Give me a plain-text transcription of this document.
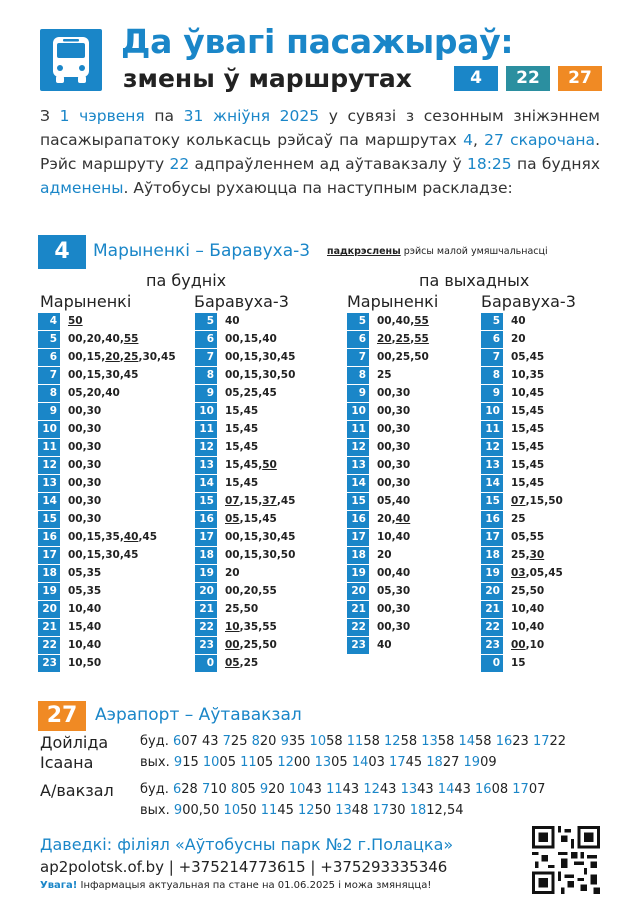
Да ўвагі пасажыраў:
змены ў маршрутах	4	22	27
З 1 чэрвеня па 31 жніўня 2025 у сувязі з сезонным зніжэннем пасажырапатоку колькасць рэйсаў па маршрутах 4, 27 скарочана. Рэйс маршруту 22 адпраўленнем ад аўтавакзалу ў 18:25 па буднях адменены. Аўтобусы рухаюцца па наступным раскладзе:
4	Марыненкі – Баравуха-3 падкрэслены рэйсы малой умяшчальнасці
па будніх	па выхадных
Марыненкі	Баравуха-3	Марыненкі	Баравуха-3
4 50
5 00,20,40,55
6 00,15,20,25,30,45
7 00,15,30,45
8 05,20,40
9 00,30
10 00,30
11 00,30
12 00,30
13 00,30
14 00,30
15 00,30
16 00,15,35,40,45
17 00,15,30,45
18 05,35
19 05,35
20 10,40
21 15,40
22 10,40
23 10,50
5 40
6 00,15,40
7 00,15,30,45
8 00,15,30,50
9 05,25,45
10 15,45
11 15,45
12 15,45
13 15,45,50
14 15,45
15 07,15,37,45
16 05,15,45
17 00,15,30,45
18 00,15,30,50
19 20
20 00,20,55
21 25,50
22 10,35,55
23 00,25,50
0 05,25
5 00,40,55
6 20,25,55
7 00,25,50
8 25
9 00,30
10 00,30
11 00,30
12 00,30
13 00,30
14 00,30
15 05,40
16 20,40
17 10,40
18 20
19 00,40
20 05,30
21 00,30
22 00,30
23 40
5 40
6 20
7 05,45
8 10,35
9 10,45
10 15,45
11 15,45
12 15,45
13 15,45
14 15,45
15 07,15,50
16 25
17 05,55
18 25,30
19 03,05,45
20 25,50
21 10,40
22 10,40
23 00,10
0 15
27	Аэрапорт – Аўтавакзал
Дойліда
Ісаана
буд. 607 43 725 820 935 1058 1158 1258 1358 1458 1623 1722
вых. 915 1005 1105 1200 1305 1403 1745 1827 1909
А/вакзал буд. 628 710 805 920 1043 1143 1243 1343 1443 1608 1707
вых. 900,50 1050 1145 1250 1348 1730 1812,54
Даведкі: філіял «Аўтобусны парк №2 г.Полацка»
ap2polotsk.of.by | +375214773615 | +375293335346
Увага! Інфармацыя актуальная па стане на 01.06.2025 і можа змяняцца!
